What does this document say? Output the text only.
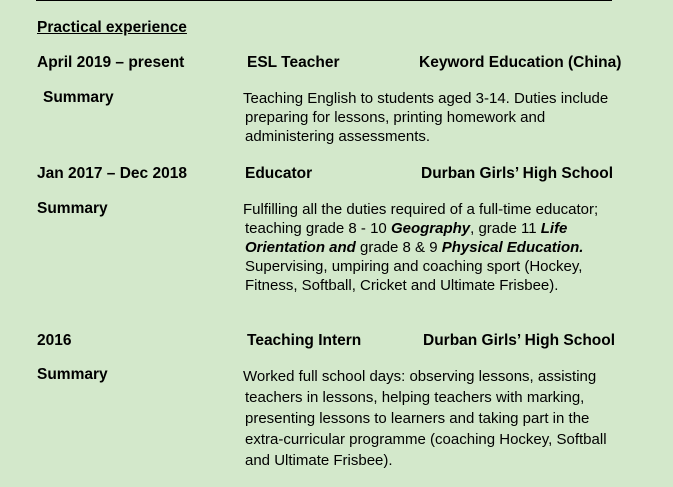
Practical experience
April 2019 – present	ESL Teacher	Keyword Education (China)
Summary	Teaching English to students aged 3-14. Duties include
preparing for lessons, printing homework and
administering assessments.
Jan 2017 – Dec 2018	Educator	Durban Girls’ High School
Summary	Fulfilling all the duties required of a full-time educator;
teaching grade 8 - 10 Geography, grade 11 Life
Orientation and grade 8 & 9 Physical Education.
Supervising, umpiring and coaching sport (Hockey,
Fitness, Softball, Cricket and Ultimate Frisbee).
2016	Teaching Intern	Durban Girls’ High School
Summary	Worked full school days: observing lessons, assisting
teachers in lessons, helping teachers with marking,
presenting lessons to learners and taking part in the
extra-curricular programme (coaching Hockey, Softball
and Ultimate Frisbee).
